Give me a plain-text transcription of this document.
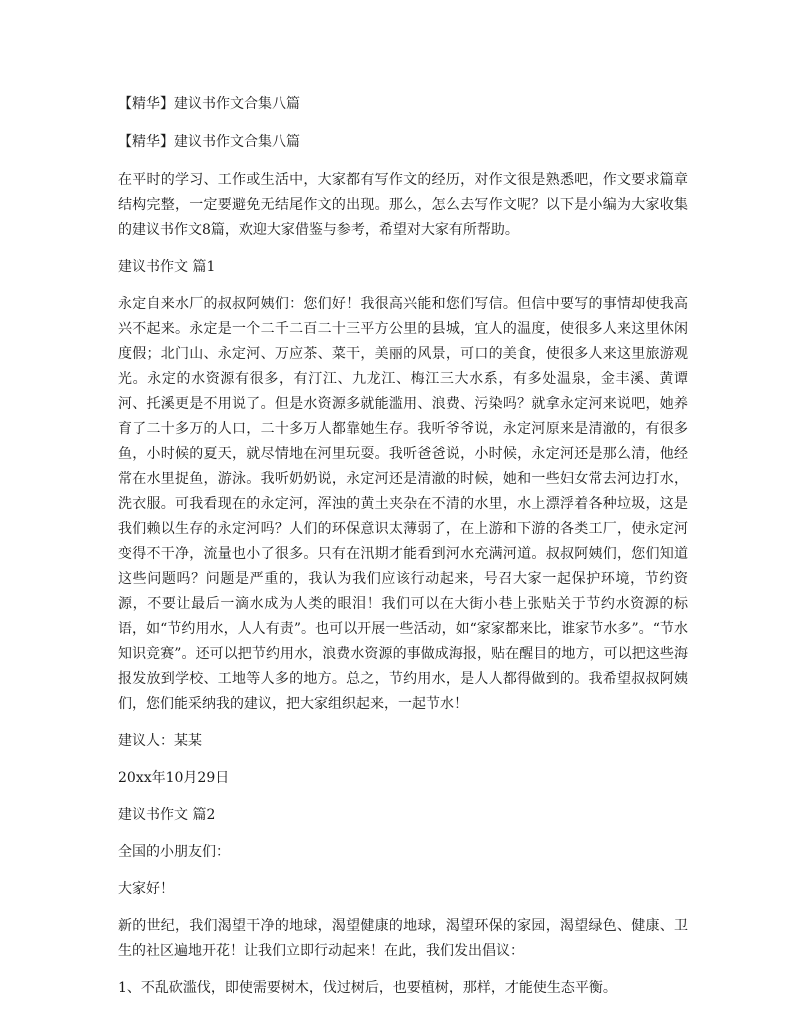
【精华】建议书作文合集八篇
【精华】建议书作文合集八篇
在平时的学习、工作或生活中，大家都有写作文的经历，对作文很是熟悉吧，作文要求篇章结构完整，一定要避免无结尾作文的出现。那么，怎么去写作文呢？以下是小编为大家收集的建议书作文8篇，欢迎大家借鉴与参考，希望对大家有所帮助。
建议书作文 篇1
永定自来水厂的叔叔阿姨们：您们好！我很高兴能和您们写信。但信中要写的事情却使我高兴不起来。永定是一个二千二百二十三平方公里的县城，宜人的温度，使很多人来这里休闲度假；北门山、永定河、万应茶、菜干，美丽的风景，可口的美食，使很多人来这里旅游观光。永定的水资源有很多，有汀江、九龙江、梅江三大水系，有多处温泉，金丰溪、黄谭河、托溪更是不用说了。但是水资源多就能滥用、浪费、污染吗？就拿永定河来说吧，她养育了二十多万的人口，二十多万人都靠她生存。我听爷爷说，永定河原来是清澈的，有很多鱼，小时候的夏天，就尽情地在河里玩耍。我听爸爸说，小时候，永定河还是那么清，他经常在水里捉鱼，游泳。我听奶奶说，永定河还是清澈的时候，她和一些妇女常去河边打水，洗衣服。可我看现在的永定河，浑浊的黄土夹杂在不清的水里，水上漂浮着各种垃圾，这是我们赖以生存的永定河吗？人们的环保意识太薄弱了，在上游和下游的各类工厂，使永定河变得不干净，流量也小了很多。只有在汛期才能看到河水充满河道。叔叔阿姨们，您们知道这些问题吗？问题是严重的，我认为我们应该行动起来，号召大家一起保护环境，节约资源，不要让最后一滴水成为人类的眼泪！我们可以在大街小巷上张贴关于节约水资源的标语，如“节约用水，人人有责”。也可以开展一些活动，如“家家都来比，谁家节水多”。“节水知识竞赛”。还可以把节约用水，浪费水资源的事做成海报，贴在醒目的地方，可以把这些海报发放到学校、工地等人多的地方。总之，节约用水，是人人都得做到的。我希望叔叔阿姨们，您们能采纳我的建议，把大家组织起来，一起节水！
建议人：某某
20xx年10月29日
建议书作文 篇2
全国的小朋友们：
大家好！
新的世纪，我们渴望干净的地球，渴望健康的地球，渴望环保的家园，渴望绿色、健康、卫生的社区遍地开花！让我们立即行动起来！在此，我们发出倡议：
1、不乱砍滥伐，即使需要树木，伐过树后，也要植树，那样，才能使生态平衡。
